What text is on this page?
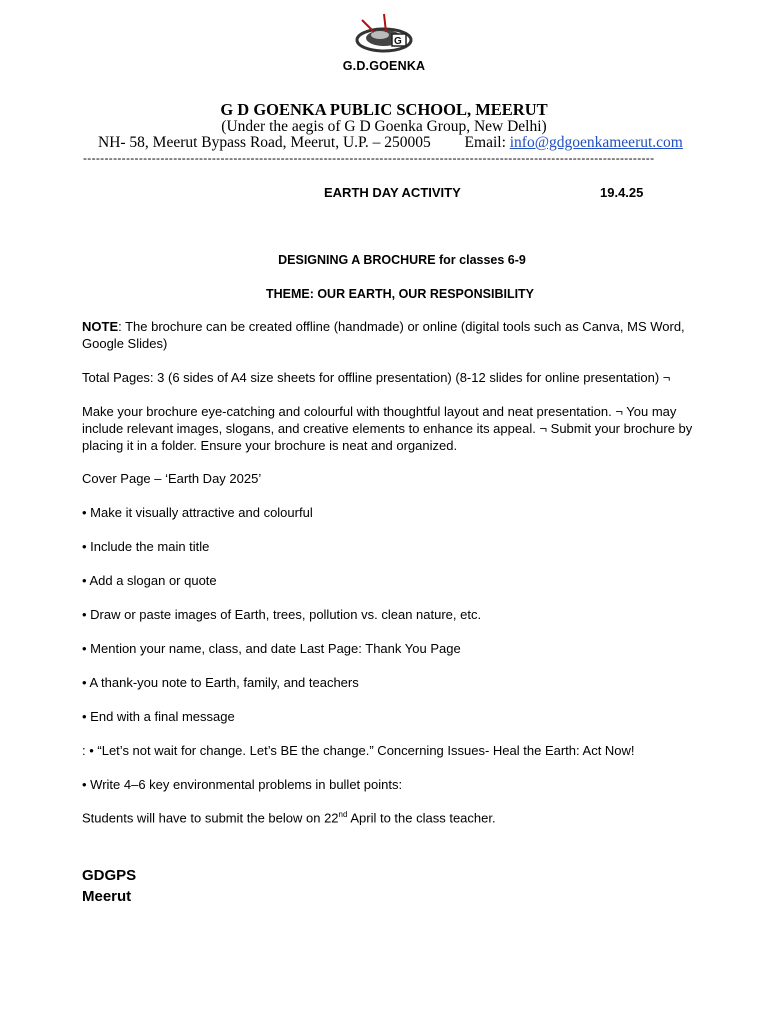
G
G.D.GOENKA
G D GOENKA PUBLIC SCHOOL, MEERUT
(Under the aegis of G D Goenka Group, New Delhi)
NH- 58, Meerut Bypass Road, Meerut, U.P. – 250005 Email: info@gdgoenkameerut.com
-------------------------------------------------------------------------------------------------------------------------------------
EARTH DAY ACTIVITY	19.4.25
DESIGNING A BROCHURE for classes 6-9
THEME: OUR EARTH, OUR RESPONSIBILITY
NOTE: The brochure can be created offline (handmade) or online (digital tools such as Canva, MS Word, Google Slides)
Total Pages: 3 (6 sides of A4 size sheets for offline presentation) (8-12 slides for online presentation) ¬
Make your brochure eye-catching and colourful with thoughtful layout and neat presentation. ¬ You may include relevant images, slogans, and creative elements to enhance its appeal. ¬ Submit your brochure by placing it in a folder. Ensure your brochure is neat and organized.
Cover Page – ‘Earth Day 2025’
• Make it visually attractive and colourful
• Include the main title
• Add a slogan or quote
• Draw or paste images of Earth, trees, pollution vs. clean nature, etc.
• Mention your name, class, and date Last Page: Thank You Page
• A thank-you note to Earth, family, and teachers
• End with a final message
: • “Let’s not wait for change. Let’s BE the change.” Concerning Issues- Heal the Earth: Act Now!
• Write 4–6 key environmental problems in bullet points:
Students will have to submit the below on 22nd April to the class teacher.
GDGPS
Meerut
